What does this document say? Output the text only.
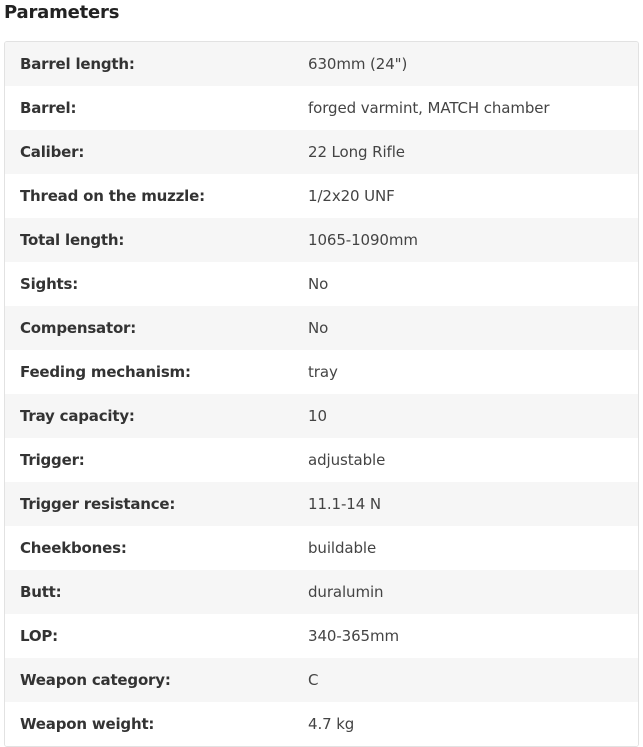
Parameters
Barrel length:	630mm (24")
Barrel:	forged varmint, MATCH chamber
Caliber:	22 Long Rifle
Thread on the muzzle:	1/2x20 UNF
Total length:	1065-1090mm
Sights:	No
Compensator:	No
Feeding mechanism:	tray
Tray capacity:	10
Trigger:	adjustable
Trigger resistance:	11.1-14 N
Cheekbones:	buildable
Butt:	duralumin
LOP:	340-365mm
Weapon category:	C
Weapon weight:	4.7 kg
